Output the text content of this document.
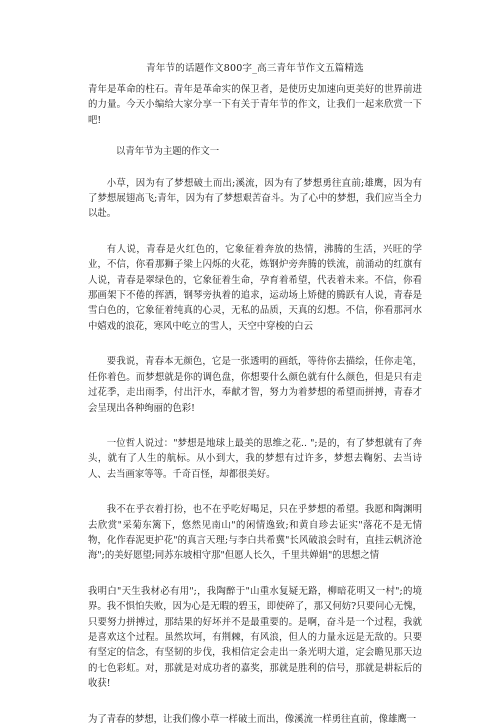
青年节的话题作文800字_高三青年节作文五篇精选

青年是革命的柱石。青年是革命实的保卫者，是使历史加速向更美好的世界前进的力量。今天小编给大家分享一下有关于青年节的作文，让我们一起来欣赏一下吧!

以青年节为主题的作文一

小草，因为有了梦想破土而出;溪流，因为有了梦想勇往直前;雄鹰，因为有了梦想展翅高飞;青年，因为有了梦想艰苦奋斗。为了心中的梦想，我们应当全力以赴。

有人说，青春是火红色的，它象征着奔放的热情，沸腾的生活，兴旺的学业，不信，你看那狮子梁上闪烁的火花，炼钢炉旁奔腾的铁流，前涌动的红旗有人说，青春是翠绿色的，它象征着生命，孕育着希望，代表着未来。不信，你看那画架下不倦的挥洒，钢琴旁执着的追求，运动场上矫健的腾跃有人说，青春是雪白色的，它象征着纯真的心灵，无私的品质，天真的幻想。不信，你看那河水中嬉戏的浪花，寒风中屹立的雪人，天空中穿梭的白云

要我说，青春本无颜色，它是一张透明的画纸，等待你去描绘，任你走笔，任你着色。而梦想就是你的调色盘，你想要什么颜色就有什么颜色，但是只有走过花季，走出雨季，付出汗水，奉献才智，努力为着梦想的希望而拼搏，青春才会呈现出各种绚丽的色彩!

一位哲人说过："梦想是地球上最美的思维之花.. ";是的，有了梦想就有了奔头，就有了人生的航标。从小到大，我的梦想有过许多，梦想去鞠躬、去当诗人、去当画家等等。千奇百怪，却都很美好。

我不在乎衣着打扮，也不在乎吃好喝足，只在乎梦想的希望。我愿和陶渊明去欣赏"采菊东篱下，悠然见南山"的闲情逸致;和黄自珍去证实"落花不是无情物，化作春泥更护花"的真言天理;与李白共希冀"长风破浪会时有，直挂云帆济沧海";的美好愿望;同苏东坡相守那"但愿人长久，千里共婵娟"的思想之情

我明白"天生我材必有用";，我陶醉于"山重水复疑无路，柳暗花明又一村";的境界。我不惧怕失败，因为心是无暇的碧玉，即使碎了，那又何妨?只要问心无愧，只要努力拼搏过，那结果的好坏并不是最重要的。是啊，奋斗是一个过程，我就是喜欢这个过程。虽然坎坷，有荆棘，有风浪，但人的力量永远是无敌的。只要有坚定的信念，有坚韧的步伐，我相信定会走出一条光明大道，定会瞻见那天边的七色彩虹。对，那就是对成功者的嘉奖，那就是胜利的信号，那就是耕耘后的收获!

为了青春的梦想，让我们像小草一样破土而出，像溪流一样勇往直前，像雄鹰一
